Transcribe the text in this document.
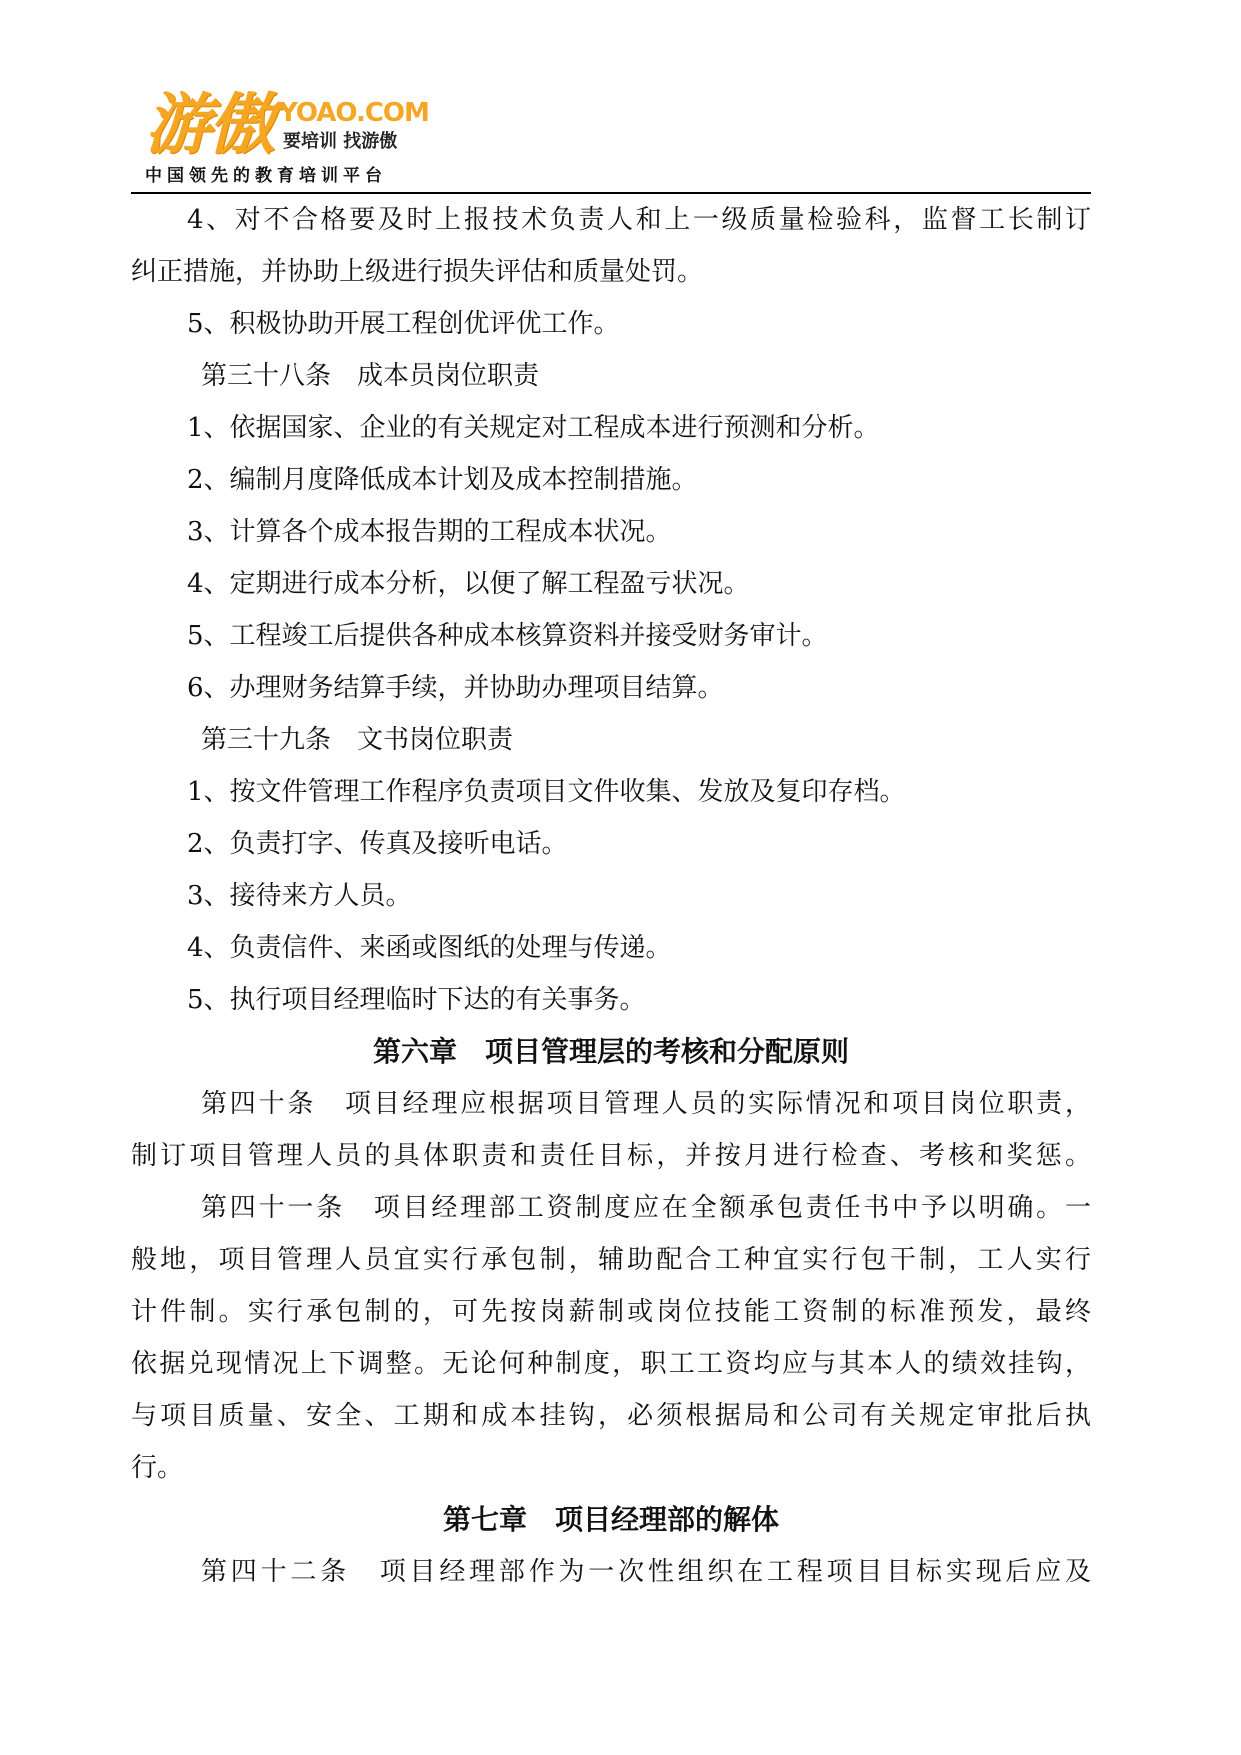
游傲 YOAO.COM
要培训 找游傲
中国领先的教育培训平台
4、对不合格要及时上报技术负责人和上一级质量检验科，监督工长制订
纠正措施，并协助上级进行损失评估和质量处罚。
5、积极协助开展工程创优评优工作。
第三十八条　成本员岗位职责
1、依据国家、企业的有关规定对工程成本进行预测和分析。
2、编制月度降低成本计划及成本控制措施。
3、计算各个成本报告期的工程成本状况。
4、定期进行成本分析，以便了解工程盈亏状况。
5、工程竣工后提供各种成本核算资料并接受财务审计。
6、办理财务结算手续，并协助办理项目结算。
第三十九条　文书岗位职责
1、按文件管理工作程序负责项目文件收集、发放及复印存档。
2、负责打字、传真及接听电话。
3、接待来方人员。
4、负责信件、来函或图纸的处理与传递。
5、执行项目经理临时下达的有关事务。
第六章　项目管理层的考核和分配原则
第四十条　项目经理应根据项目管理人员的实际情况和项目岗位职责，
制订项目管理人员的具体职责和责任目标，并按月进行检查、考核和奖惩。
第四十一条　项目经理部工资制度应在全额承包责任书中予以明确。一
般地，项目管理人员宜实行承包制，辅助配合工种宜实行包干制，工人实行
计件制。实行承包制的，可先按岗薪制或岗位技能工资制的标准预发，最终
依据兑现情况上下调整。无论何种制度，职工工资均应与其本人的绩效挂钩，
与项目质量、安全、工期和成本挂钩，必须根据局和公司有关规定审批后执
行。
第七章　项目经理部的解体
第四十二条　项目经理部作为一次性组织在工程项目目标实现后应及
